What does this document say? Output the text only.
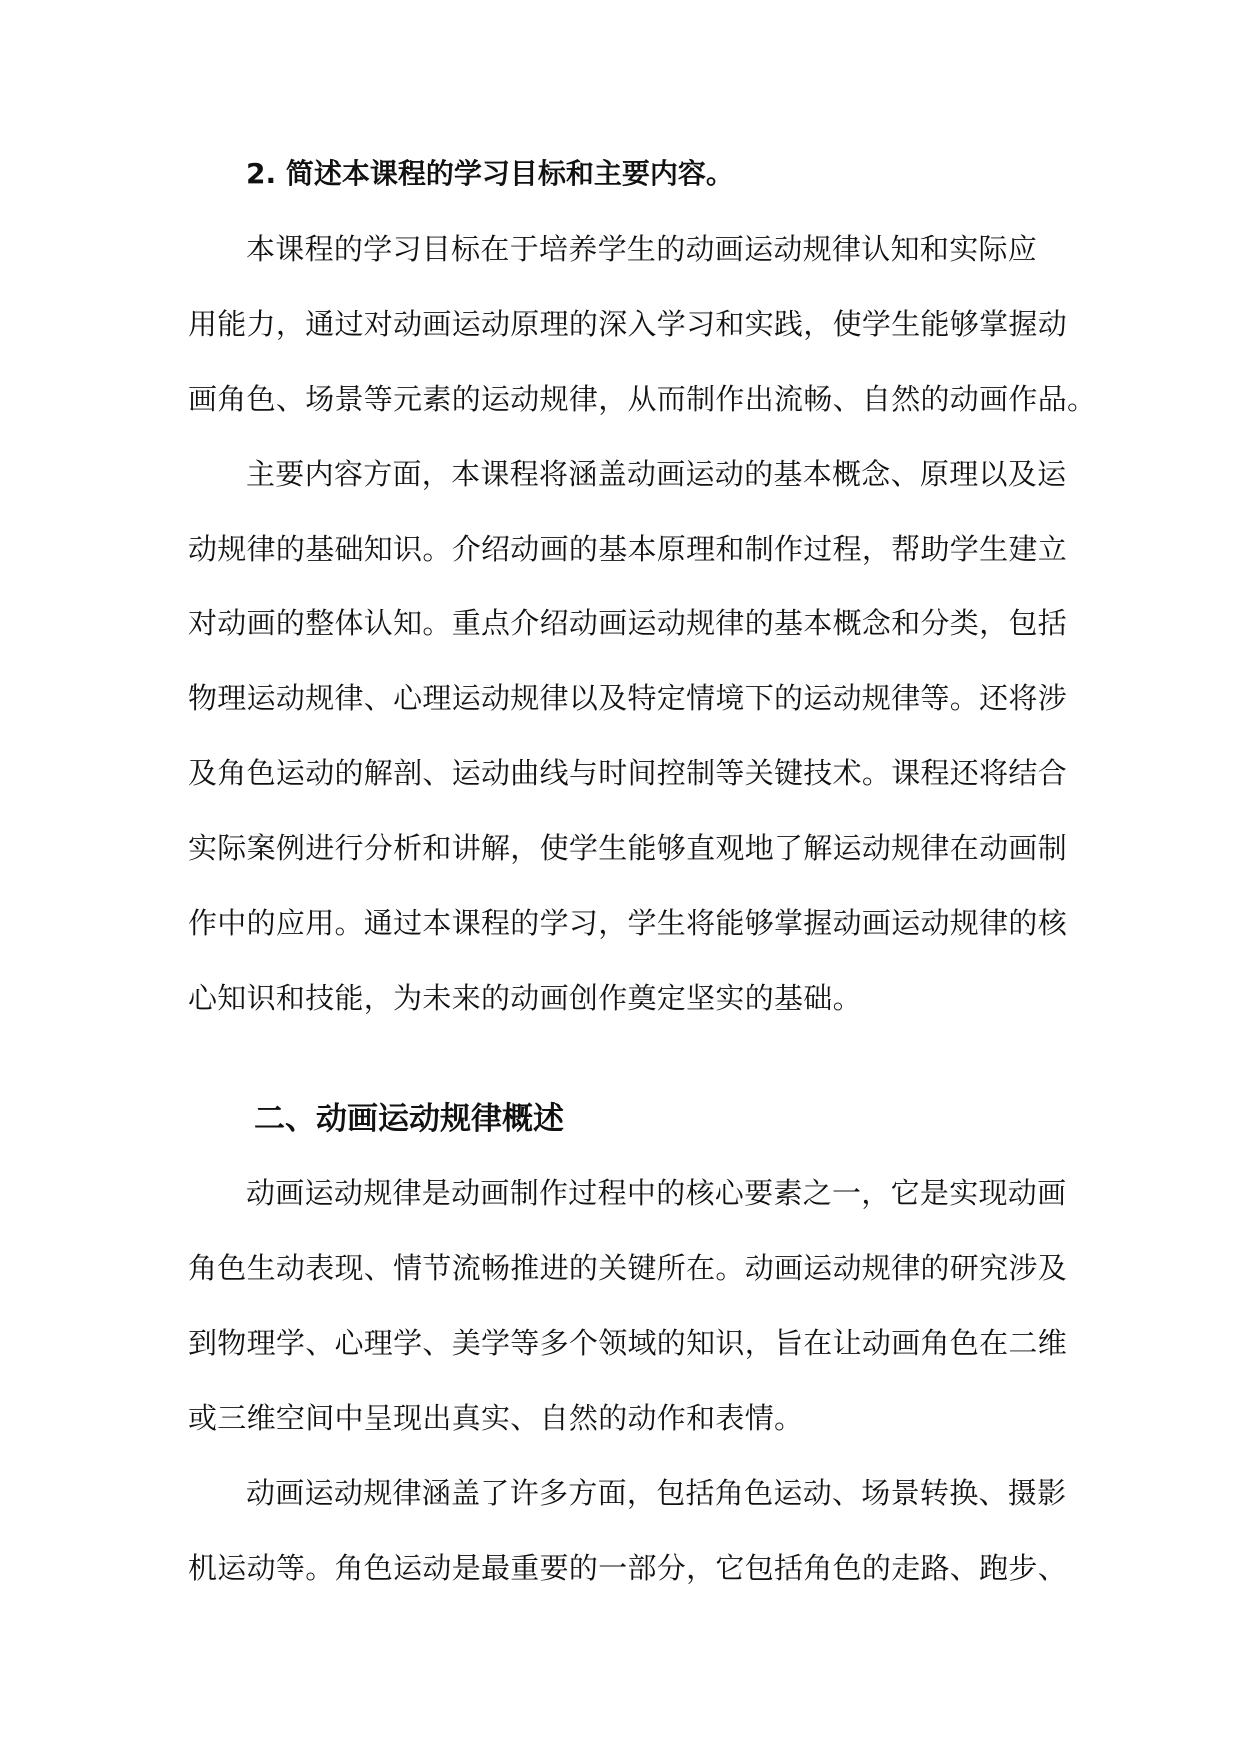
2. 简述本课程的学习目标和主要内容。
本课程的学习目标在于培养学生的动画运动规律认知和实际应
用能力，通过对动画运动原理的深入学习和实践，使学生能够掌握动
画角色、场景等元素的运动规律，从而制作出流畅、自然的动画作品。
主要内容方面，本课程将涵盖动画运动的基本概念、原理以及运
动规律的基础知识。介绍动画的基本原理和制作过程，帮助学生建立
对动画的整体认知。重点介绍动画运动规律的基本概念和分类，包括
物理运动规律、心理运动规律以及特定情境下的运动规律等。还将涉
及角色运动的解剖、运动曲线与时间控制等关键技术。课程还将结合
实际案例进行分析和讲解，使学生能够直观地了解运动规律在动画制
作中的应用。通过本课程的学习，学生将能够掌握动画运动规律的核
心知识和技能，为未来的动画创作奠定坚实的基础。
二、动画运动规律概述
动画运动规律是动画制作过程中的核心要素之一，它是实现动画
角色生动表现、情节流畅推进的关键所在。动画运动规律的研究涉及
到物理学、心理学、美学等多个领域的知识，旨在让动画角色在二维
或三维空间中呈现出真实、自然的动作和表情。
动画运动规律涵盖了许多方面，包括角色运动、场景转换、摄影
机运动等。角色运动是最重要的一部分，它包括角色的走路、跑步、
